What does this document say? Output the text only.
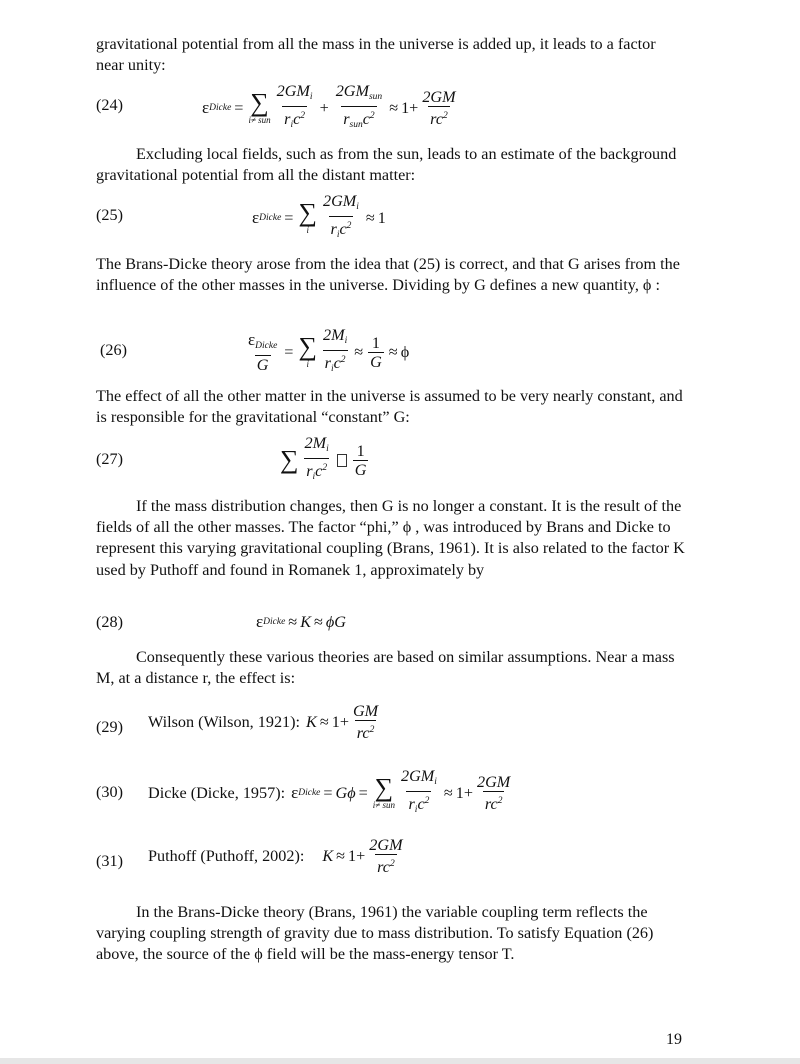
gravitational potential from all the mass in the universe is added up, it leads to a factor near unity:

(24)	ε Dicke = ∑
i≠ sun $\frac{2GM_i}{r_ic^2} + \frac{2GM_{sun}}{r_{sun}c^2} \approx 1+ \frac{2GM}{rc^2}$

Excluding local fields, such as from the sun, leads to an estimate of the background gravitational potential from all the distant matter:

(25)	ε Dicke = ∑
i $\frac{2GM_i}{r_ic^2} \approx 1$

The Brans-Dicke theory arose from the idea that (25) is correct, and that G arises from the influence of the other masses in the universe. Dividing by G defines a new quantity, ϕ :

(26)	$\frac{\varepsilon_{Dicke}}{G}$ = ∑
i $\frac{2M_i}{r_ic^2} \approx \frac{1}{G} \approx \phi$

The effect of all the other matter in the universe is assumed to be very nearly constant, and is responsible for the gravitational “constant” G:

(27)	∑ $\frac{2M_i}{r_ic^2} \frac{1}{G}$

If the mass distribution changes, then G is no longer a constant. It is the result of the fields of all the other masses. The factor “phi,” ϕ , was introduced by Brans and Dicke to represent this varying gravitational coupling (Brans, 1961). It is also related to the factor K used by Puthoff and found in Romanek 1, approximately by

(28)	ε Dicke ≈ K ≈ ϕG

Consequently these various theories are based on similar assumptions. Near a mass M, at a distance r, the effect is:

(29) Wilson (Wilson, 1921): $K \approx 1+ \frac{GM}{rc^2}$
(30) Dicke (Dicke, 1957): ε Dicke = Gϕ = ∑
i≠ sun $\frac{2GM_i}{r_ic^2} \approx 1+ \frac{2GM}{rc^2}$
(31) Puthoff (Puthoff, 2002): $K \approx 1+ \frac{2GM}{rc^2}$

In the Brans-Dicke theory (Brans, 1961) the variable coupling term reflects the varying coupling strength of gravity due to mass distribution. To satisfy Equation (26) above, the source of the ϕ field will be the mass-energy tensor T.

19
